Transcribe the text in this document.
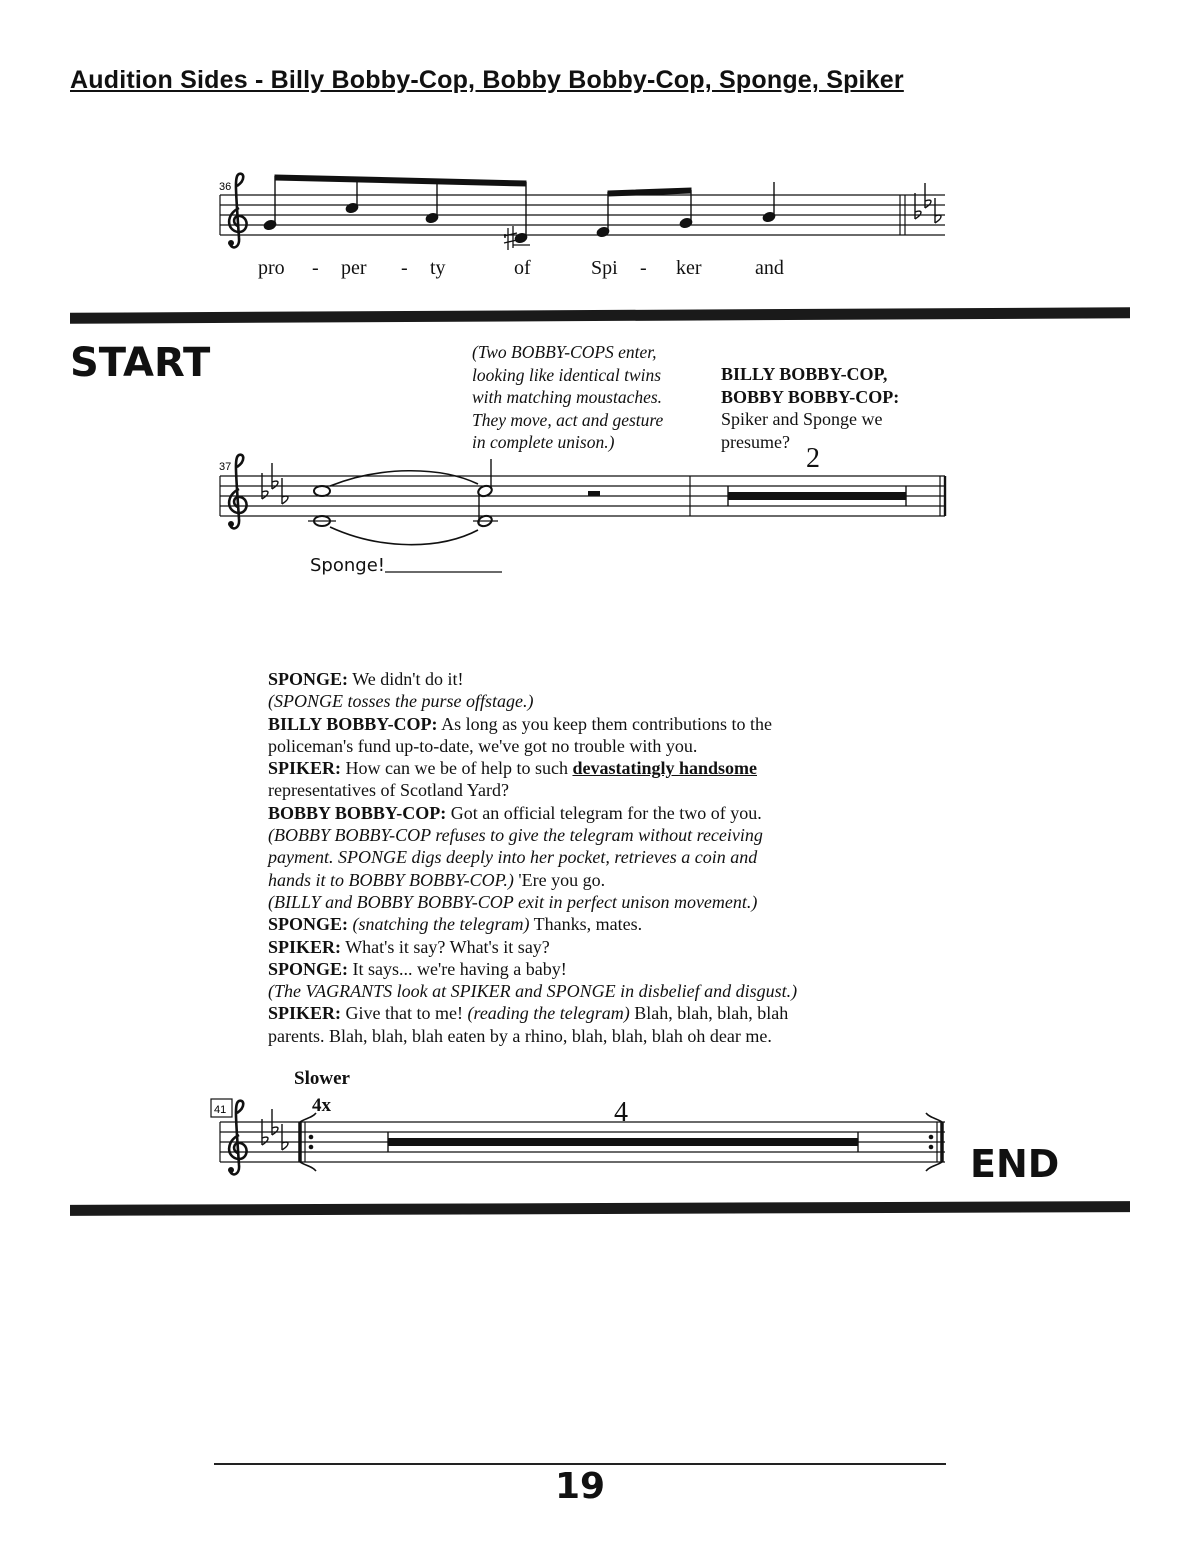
Audition Sides - Billy Bobby-Cop, Bobby Bobby-Cop, Sponge, Spiker
36
37
41
pro - per - ty	of	Spi - ker	and
START	(Two BOBBY-COPS enter,
looking like identical twins
with matching moustaches.
They move, act and gesture
in complete unison.)
BILLY BOBBY-COP,
BOBBY BOBBY-COP:
Spiker and Sponge we
presume?
2
Sponge!

SPONGE: We didn't do it!

(SPONGE tosses the purse offstage.)

BILLY BOBBY-COP: As long as you keep them contributions to the

policeman's fund up-to-date, we've got no trouble with you.

SPIKER: How can we be of help to such devastatingly handsome

representatives of Scotland Yard?

BOBBY BOBBY-COP: Got an official telegram for the two of you.

(BOBBY BOBBY-COP refuses to give the telegram without receiving

payment. SPONGE digs deeply into her pocket, retrieves a coin and

hands it to BOBBY BOBBY-COP.) 'Ere you go.

(BILLY and BOBBY BOBBY-COP exit in perfect unison movement.)

SPONGE: (snatching the telegram) Thanks, mates.

SPIKER: What's it say? What's it say?

SPONGE: It says... we're having a baby!

(The VAGRANTS look at SPIKER and SPONGE in disbelief and disgust.)

SPIKER: Give that to me! (reading the telegram) Blah, blah, blah, blah

parents. Blah, blah, blah eaten by a rhino, blah, blah, blah oh dear me.

Slower
4x	4
END
19
